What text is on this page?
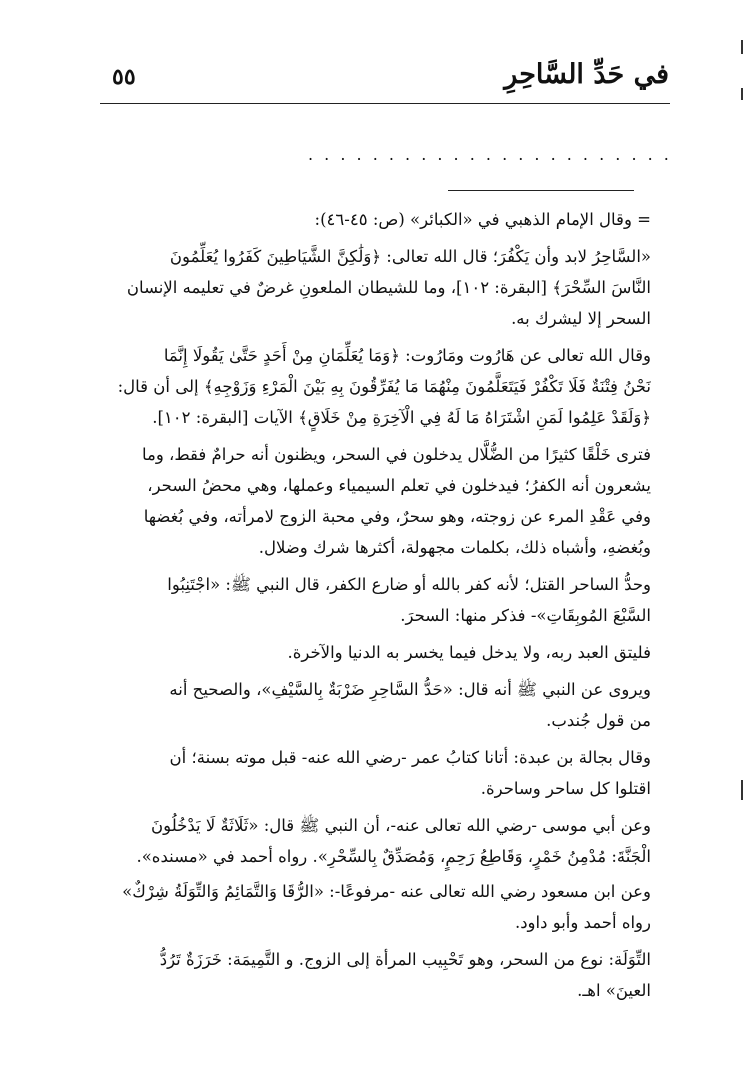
في حَدِّ السَّاحِرِ
٥٥
. . . . . . . . . . . . . . . . . . . . . . .

= وقال الإمام الذهبي في «الكبائر» (ص: ٤٥-٤٦):

«السَّاحِرُ لابد وأن يَكْفُرَ؛ قال الله تعالى: ﴿وَلَٰكِنَّ الشَّيَاطِينَ كَفَرُوا يُعَلِّمُونَ
النَّاسَ السِّحْرَ﴾ [البقرة: ١٠٢]، وما للشيطان الملعونِ غرضٌ في تعليمه الإنسان
السحر إلا ليشرك به.

وقال الله تعالى عن هَارُوت ومَارُوت: ﴿وَمَا يُعَلِّمَانِ مِنْ أَحَدٍ حَتَّىٰ يَقُولَا إِنَّمَا
نَحْنُ فِتْنَةٌ فَلَا تَكْفُرْ فَيَتَعَلَّمُونَ مِنْهُمَا مَا يُفَرِّقُونَ بِهِ بَيْنَ الْمَرْءِ وَزَوْجِهِ﴾ إلى أن قال:
﴿وَلَقَدْ عَلِمُوا لَمَنِ اشْتَرَاهُ مَا لَهُ فِي الْآخِرَةِ مِنْ خَلَاقٍ﴾ الآيات [البقرة: ١٠٢].

فترى خَلْقًا كثيرًا من الضُّلَّال يدخلون في السحر، ويظنون أنه حرامٌ فقط، وما
يشعرون أنه الكفرُ؛ فيدخلون في تعلم السيمياء وعملها، وهي محضُ السحر،
وفي عَقْدِ المرء عن زوجته، وهو سحرٌ، وفي محبة الزوج لامرأته، وفي بُغضها
وبُغضهِ، وأشباه ذلك، بكلمات مجهولة، أكثرها شرك وضلال.

وحدُّ الساحر القتل؛ لأنه كفر بالله أو ضارع الكفر، قال النبي ﷺ: «اجْتَنِبُوا
السَّبْعَ المُوبِقَاتِ»- فذكر منها: السحرَ.

فليتق العبد ربه، ولا يدخل فيما يخسر به الدنيا والآخرة.

ويروى عن النبي ﷺ أنه قال: «حَدُّ السَّاحِرِ ضَرْبَةٌ بِالسَّيْفِ»، والصحيح أنه
من قول جُندب.

وقال بجالة بن عبدة: أتانا كتابُ عمر -رضي الله عنه- قبل موته بسنة؛ أن
اقتلوا كل ساحر وساحرة.

وعن أبي موسى -رضي الله تعالى عنه-، أن النبي ﷺ قال: «ثَلَاثَةٌ لَا يَدْخُلُونَ
الْجَنَّةَ: مُدْمِنُ خَمْرٍ، وَقَاطِعُ رَحِمٍ، وَمُصَدِّقٌ بِالسِّحْرِ». رواه أحمد في «مسنده».

وعن ابن مسعود رضي الله تعالى عنه -مرفوعًا-: «الرُّقَا وَالتَّمَائِمُ وَالتِّوَلَةُ شِرْكٌ»
رواه أحمد وأبو داود.

التِّوَلَة: نوع من السحر، وهو تَحْبِيب المرأة إلى الزوج. و التَّمِيمَة: خَرَزَةٌ تَرُدُّ
العينَ» اهـ.
